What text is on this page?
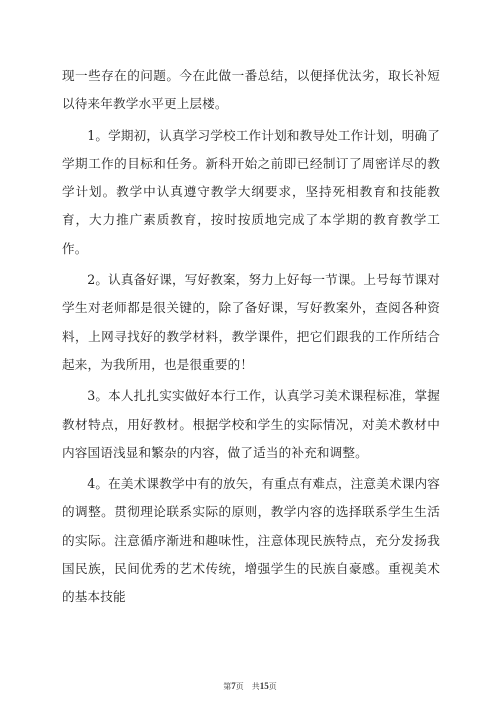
现一些存在的问题。今在此做一番总结，以便择优汰劣，取长补短以待来年教学水平更上层楼。

1。学期初，认真学习学校工作计划和教导处工作计划，明确了学期工作的目标和任务。新科开始之前即已经制订了周密详尽的教学计划。教学中认真遵守教学大纲要求，坚持死相教育和技能教育，大力推广素质教育，按时按质地完成了本学期的教育教学工作。

2。认真备好课，写好教案，努力上好每一节课。上号每节课对学生对老师都是很关键的，除了备好课，写好教案外，查阅各种资料，上网寻找好的教学材料，教学课件，把它们跟我的工作所结合起来，为我所用，也是很重要的！

3。本人扎扎实实做好本行工作，认真学习美术课程标准，掌握教材特点，用好教材。根据学校和学生的实际情况，对美术教材中内容国语浅显和繁杂的内容，做了适当的补充和调整。

4。在美术课教学中有的放矢，有重点有难点，注意美术课内容的调整。贯彻理论联系实际的原则，教学内容的选择联系学生生活的实际。注意循序渐进和趣味性，注意体现民族特点，充分发扬我国民族，民间优秀的艺术传统，增强学生的民族自豪感。重视美术的基本技能

第7页 共15页
